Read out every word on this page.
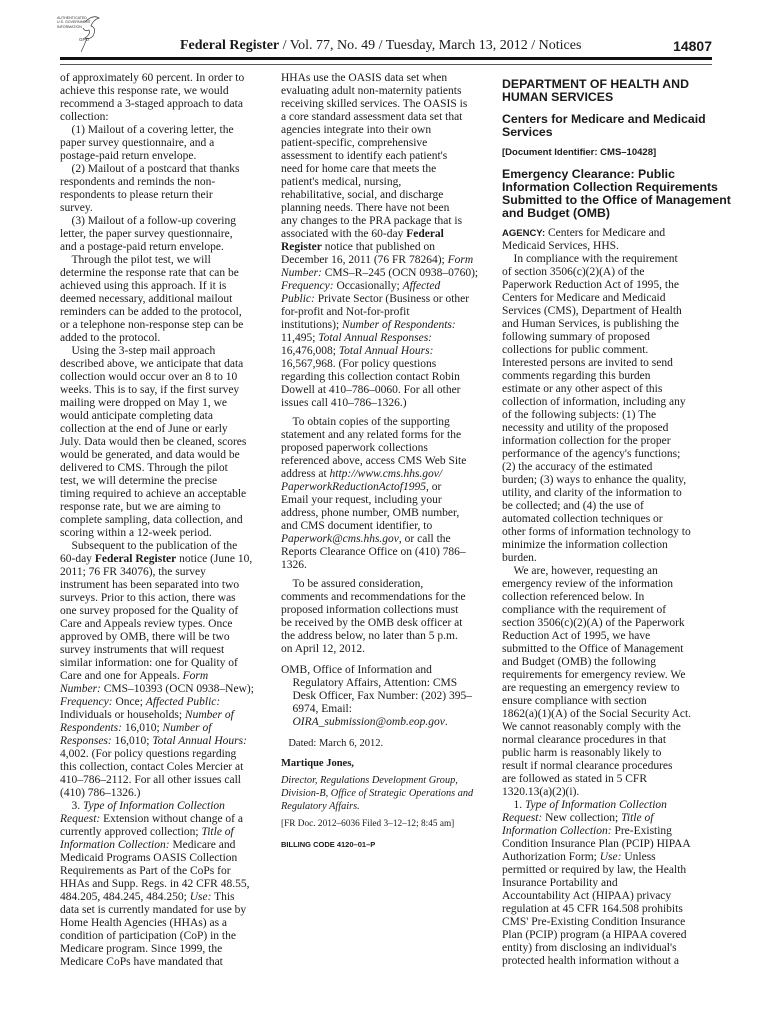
AUTHENTICATED
U.S. GOVERNMENT
INFORMATION
GPO	Federal Register / Vol. 77, No. 49 / Tuesday, March 13, 2012 / Notices	14807
of approximately 60 percent. In order to
achieve this response rate, we would
recommend a 3-staged approach to data
collection:
(1) Mailout of a covering letter, the
paper survey questionnaire, and a
postage-paid return envelope.
(2) Mailout of a postcard that thanks
respondents and reminds the non-
respondents to please return their
survey.
(3) Mailout of a follow-up covering
letter, the paper survey questionnaire,
and a postage-paid return envelope.
Through the pilot test, we will
determine the response rate that can be
achieved using this approach. If it is
deemed necessary, additional mailout
reminders can be added to the protocol,
or a telephone non-response step can be
added to the protocol.
Using the 3-step mail approach
described above, we anticipate that data
collection would occur over an 8 to 10
weeks. This is to say, if the first survey
mailing were dropped on May 1, we
would anticipate completing data
collection at the end of June or early
July. Data would then be cleaned, scores
would be generated, and data would be
delivered to CMS. Through the pilot
test, we will determine the precise
timing required to achieve an acceptable
response rate, but we are aiming to
complete sampling, data collection, and
scoring within a 12-week period.
Subsequent to the publication of the
60-day Federal Register notice (June 10,
2011; 76 FR 34076), the survey
instrument has been separated into two
surveys. Prior to this action, there was
one survey proposed for the Quality of
Care and Appeals review types. Once
approved by OMB, there will be two
survey instruments that will request
similar information: one for Quality of
Care and one for Appeals. Form
Number: CMS–10393 (OCN 0938–New);
Frequency: Once; Affected Public:
Individuals or households; Number of
Respondents: 16,010; Number of
Responses: 16,010; Total Annual Hours:
4,002. (For policy questions regarding
this collection, contact Coles Mercier at
410–786–2112. For all other issues call
(410) 786–1326.)
3. Type of Information Collection
Request: Extension without change of a
currently approved collection; Title of
Information Collection: Medicare and
Medicaid Programs OASIS Collection
Requirements as Part of the CoPs for
HHAs and Supp. Regs. in 42 CFR 48.55,
484.205, 484.245, 484.250; Use: This
data set is currently mandated for use by
Home Health Agencies (HHAs) as a
condition of participation (CoP) in the
Medicare program. Since 1999, the
Medicare CoPs have mandated that
HHAs use the OASIS data set when
evaluating adult non-maternity patients
receiving skilled services. The OASIS is
a core standard assessment data set that
agencies integrate into their own
patient-specific, comprehensive
assessment to identify each patient's
need for home care that meets the
patient's medical, nursing,
rehabilitative, social, and discharge
planning needs. There have not been
any changes to the PRA package that is
associated with the 60-day Federal
Register notice that published on
December 16, 2011 (76 FR 78264); Form
Number: CMS–R–245 (OCN 0938–0760);
Frequency: Occasionally; Affected
Public: Private Sector (Business or other
for-profit and Not-for-profit
institutions); Number of Respondents:
11,495; Total Annual Responses:
16,476,008; Total Annual Hours:
16,567,968. (For policy questions
regarding this collection contact Robin
Dowell at 410–786–0060. For all other
issues call 410–786–1326.)
To obtain copies of the supporting
statement and any related forms for the
proposed paperwork collections
referenced above, access CMS Web Site
address at http://www.cms.hhs.gov/
PaperworkReductionActof1995, or
Email your request, including your
address, phone number, OMB number,
and CMS document identifier, to
Paperwork@cms.hhs.gov, or call the
Reports Clearance Office on (410) 786–
1326.
To be assured consideration,
comments and recommendations for the
proposed information collections must
be received by the OMB desk officer at
the address below, no later than 5 p.m.
on April 12, 2012.
OMB, Office of Information and
Regulatory Affairs, Attention: CMS
Desk Officer, Fax Number: (202) 395–
6974, Email:
OIRA_submission@omb.eop.gov.
Dated: March 6, 2012.
Martique Jones,
Director, Regulations Development Group,
Division-B, Office of Strategic Operations and
Regulatory Affairs.
[FR Doc. 2012–6036 Filed 3–12–12; 8:45 am]
BILLING CODE 4120–01–P
DEPARTMENT OF HEALTH AND
HUMAN SERVICES
Centers for Medicare and Medicaid
Services
[Document Identifier: CMS–10428]
Emergency Clearance: Public
Information Collection Requirements
Submitted to the Office of Management
and Budget (OMB)
AGENCY: Centers for Medicare and
Medicaid Services, HHS.
In compliance with the requirement
of section 3506(c)(2)(A) of the
Paperwork Reduction Act of 1995, the
Centers for Medicare and Medicaid
Services (CMS), Department of Health
and Human Services, is publishing the
following summary of proposed
collections for public comment.
Interested persons are invited to send
comments regarding this burden
estimate or any other aspect of this
collection of information, including any
of the following subjects: (1) The
necessity and utility of the proposed
information collection for the proper
performance of the agency's functions;
(2) the accuracy of the estimated
burden; (3) ways to enhance the quality,
utility, and clarity of the information to
be collected; and (4) the use of
automated collection techniques or
other forms of information technology to
minimize the information collection
burden.
We are, however, requesting an
emergency review of the information
collection referenced below. In
compliance with the requirement of
section 3506(c)(2)(A) of the Paperwork
Reduction Act of 1995, we have
submitted to the Office of Management
and Budget (OMB) the following
requirements for emergency review. We
are requesting an emergency review to
ensure compliance with section
1862(a)(1)(A) of the Social Security Act.
We cannot reasonably comply with the
normal clearance procedures in that
public harm is reasonably likely to
result if normal clearance procedures
are followed as stated in 5 CFR
1320.13(a)(2)(i).
1. Type of Information Collection
Request: New collection; Title of
Information Collection: Pre-Existing
Condition Insurance Plan (PCIP) HIPAA
Authorization Form; Use: Unless
permitted or required by law, the Health
Insurance Portability and
Accountability Act (HIPAA) privacy
regulation at 45 CFR 164.508 prohibits
CMS' Pre-Existing Condition Insurance
Plan (PCIP) program (a HIPAA covered
entity) from disclosing an individual's
protected health information without a
